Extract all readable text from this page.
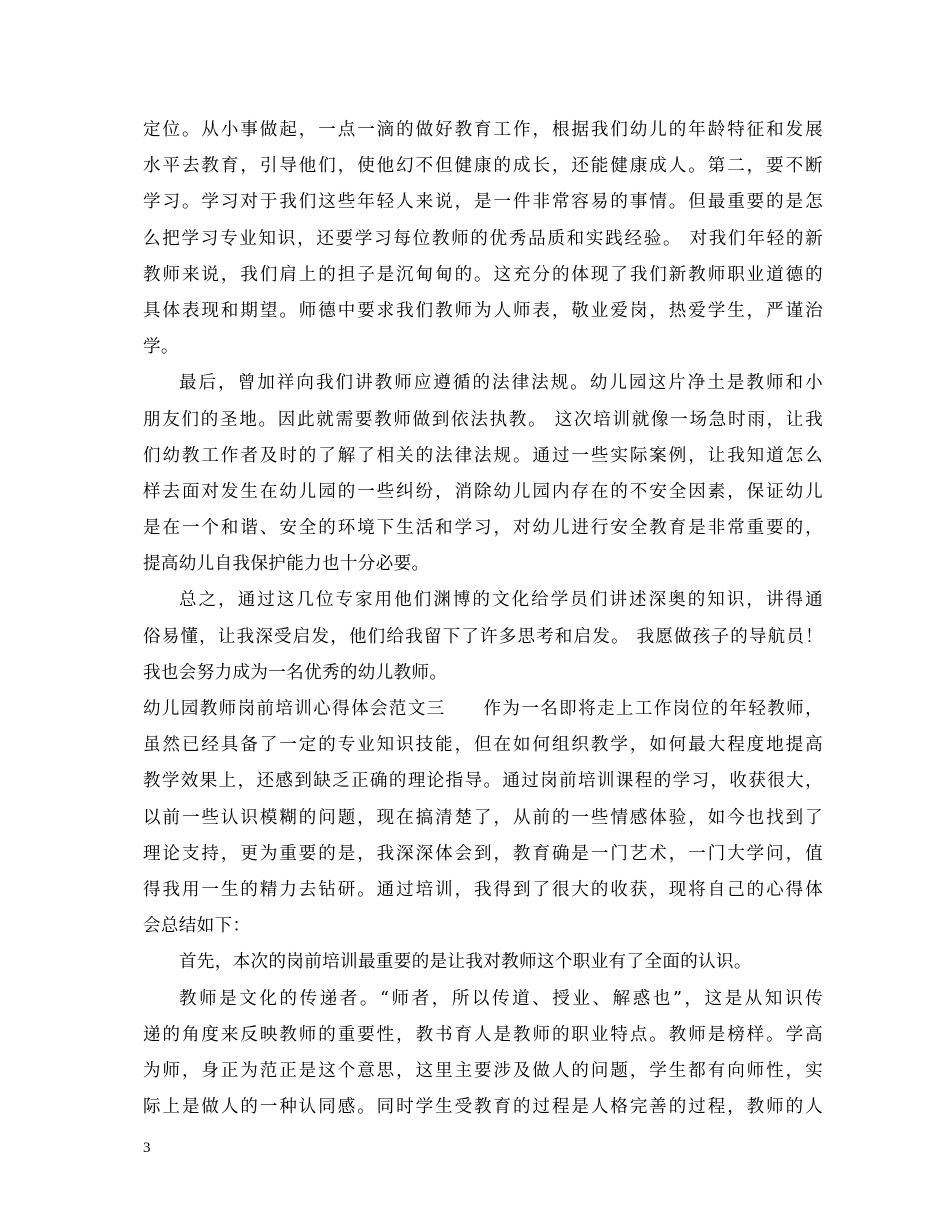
定位。从小事做起，一点一滴的做好教育工作，根据我们幼儿的年龄特征和发展
水平去教育，引导他们，使他幻不但健康的成长，还能健康成人。第二，要不断
学习。学习对于我们这些年轻人来说，是一件非常容易的事情。但最重要的是怎
么把学习专业知识，还要学习每位教师的优秀品质和实践经验。 对我们年轻的新
教师来说，我们肩上的担子是沉甸甸的。这充分的体现了我们新教师职业道德的
具体表现和期望。师德中要求我们教师为人师表，敬业爱岗，热爱学生，严谨治
学。
最后，曾加祥向我们讲教师应遵循的法律法规。幼儿园这片净土是教师和小
朋友们的圣地。因此就需要教师做到依法执教。 这次培训就像一场急时雨，让我
们幼教工作者及时的了解了相关的法律法规。通过一些实际案例，让我知道怎么
样去面对发生在幼儿园的一些纠纷，消除幼儿园内存在的不安全因素，保证幼儿
是在一个和谐、安全的环境下生活和学习，对幼儿进行安全教育是非常重要的，
提高幼儿自我保护能力也十分必要。
总之，通过这几位专家用他们渊博的文化给学员们讲述深奥的知识，讲得通
俗易懂，让我深受启发，他们给我留下了许多思考和启发。 我愿做孩子的导航员！
我也会努力成为一名优秀的幼儿教师。
幼儿园教师岗前培训心得体会范文三　　作为一名即将走上工作岗位的年轻教师，
虽然已经具备了一定的专业知识技能，但在如何组织教学，如何最大程度地提高
教学效果上，还感到缺乏正确的理论指导。通过岗前培训课程的学习，收获很大，
以前一些认识模糊的问题，现在搞清楚了，从前的一些情感体验，如今也找到了
理论支持，更为重要的是，我深深体会到，教育确是一门艺术，一门大学问，值
得我用一生的精力去钻研。通过培训，我得到了很大的收获，现将自己的心得体
会总结如下：
首先，本次的岗前培训最重要的是让我对教师这个职业有了全面的认识。
教师是文化的传递者。“师者，所以传道、授业、解惑也”，这是从知识传
递的角度来反映教师的重要性，教书育人是教师的职业特点。教师是榜样。学高
为师，身正为范正是这个意思，这里主要涉及做人的问题，学生都有向师性，实
际上是做人的一种认同感。同时学生受教育的过程是人格完善的过程，教师的人
3
